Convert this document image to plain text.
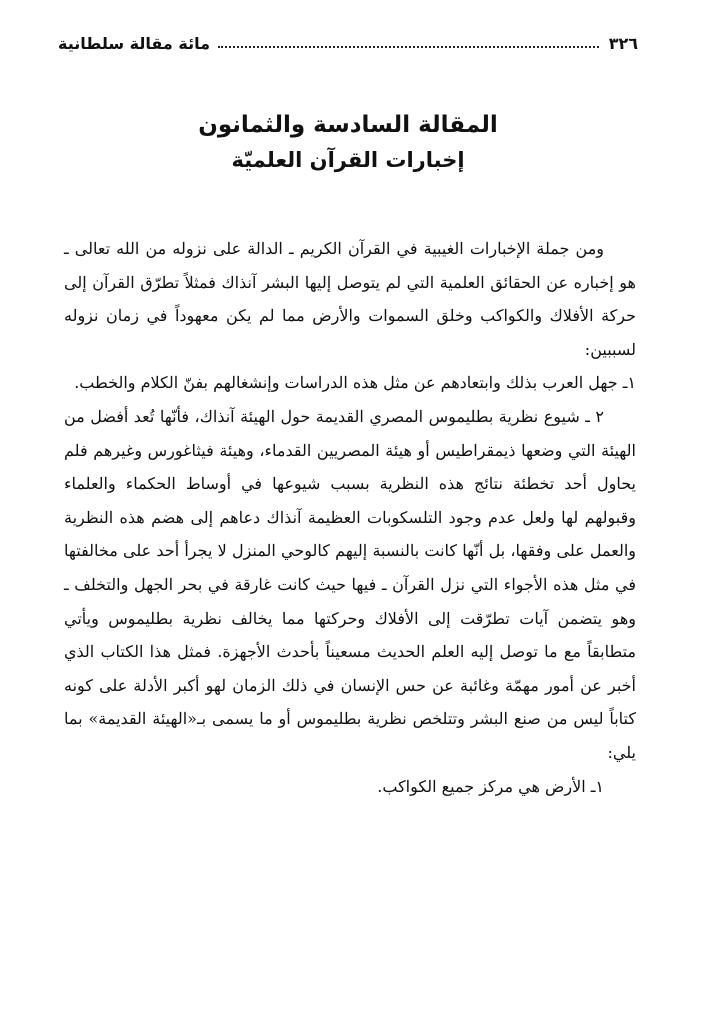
٣٢٦
مائة مقالة سلطانية
المقالة السادسة والثمانون
إخبارات القرآن العلميّة

ومن جملة الإخبارات الغيبية في القرآن الكريم ـ الدالة على نزوله من الله تعالى ـ هو إخباره عن الحقائق العلمية التي لم يتوصل إليها البشر آنذاك فمثلاً تطرّق القرآن إلى حركة الأفلاك والكواكب وخلق السموات والأرض مما لم يكن معهوداً في زمان نزوله لسببين:

١ـ جهل العرب بذلك وابتعادهم عن مثل هذه الدراسات وإنشغالهم بفنّ الكلام والخطب.

٢ ـ شيوع نظرية بطليموس المصري القديمة حول الهيئة آنذاك، فأنّها تُعد أفضل من الهيئة التي وضعها ذيمقراطيس أو هيئة المصريين القدماء، وهيئة فيثاغورس وغيرهم فلم يحاول أحد تخطئة نتائج هذه النظرية بسبب شيوعها في أوساط الحكماء والعلماء وقبولهم لها ولعل عدم وجود التلسكوبات العظيمة آنذاك دعاهم إلى هضم هذه النظرية والعمل على وفقها، بل أنّها كانت بالنسبة إليهم كالوحي المنزل لا يجرأ أحد على مخالفتها في مثل هذه الأجواء التي نزل القرآن ـ فيها حيث كانت غارقة في بحر الجهل والتخلف ـ وهو يتضمن آيات تطرّقت إلى الأفلاك وحركتها مما يخالف نظرية بطليموس ويأتي متطابقاً مع ما توصل إليه العلم الحديث مسعيناً بأحدث الأجهزة. فمثل هذا الكتاب الذي أخبر عن أمور مهمّة وغائبة عن حس الإنسان في ذلك الزمان لهو أكبر الأدلة على كونه كتاباً ليس من صنع البشر وتتلخص نظرية بطليموس أو ما يسمى بـ«الهيئة القديمة» بما يلي:

١ـ الأرض هي مركز جميع الكواكب.
